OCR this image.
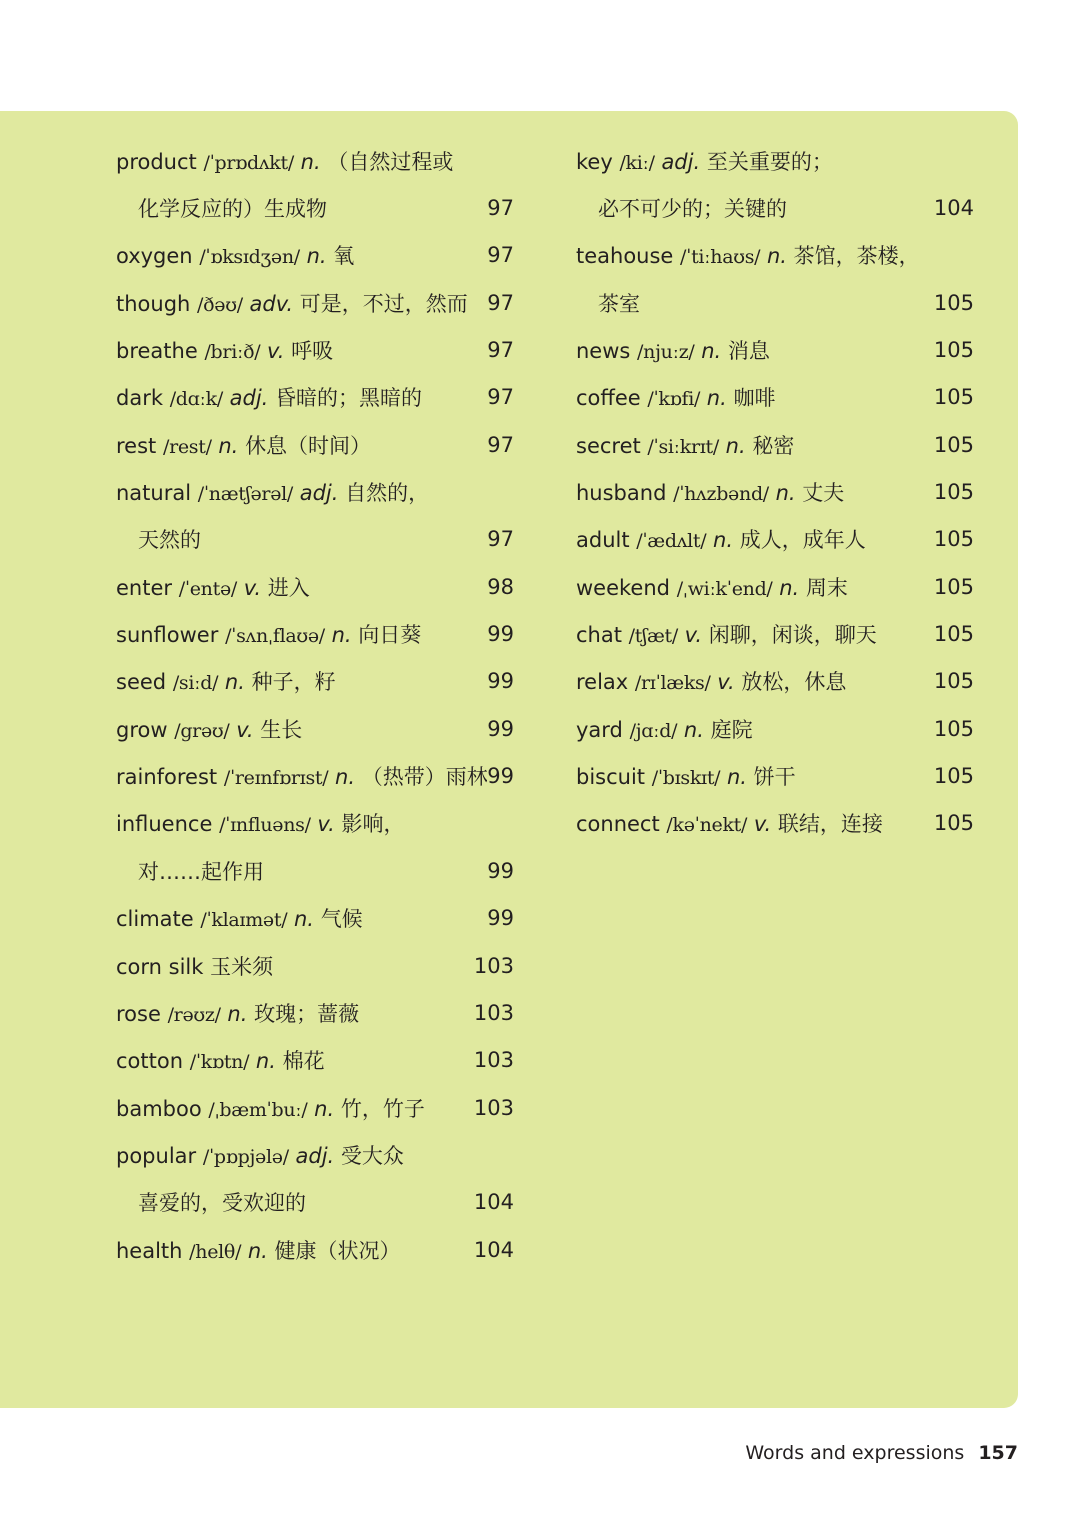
product /ˈprɒdʌkt/ n. （自然过程或
化学反应的）生成物	97
oxygen /ˈɒksɪdʒən/ n. 氧	97
though /ðəʊ/ adv. 可是，不过，然而 97
breathe /briːð/ v. 呼吸	97
dark /dɑːk/ adj. 昏暗的；黑暗的	97
rest /rest/ n. 休息（时间）	97
natural /ˈnætʃərəl/ adj. 自然的，
天然的	97
enter /ˈentə/ v. 进入	98
sunflower /ˈsʌnˌflaʊə/ n. 向日葵	99
seed /siːd/ n. 种子，籽	99
grow /grəʊ/ v. 生长	99
rainforest /ˈreɪnfɒrɪst/ n. （热带）雨林 99
influence /ˈɪnfluəns/ v. 影响，
对……起作用	99
climate /ˈklaɪmət/ n. 气候	99
corn silk 玉米须	103
rose /rəʊz/ n. 玫瑰；蔷薇	103
cotton /ˈkɒtn/ n. 棉花	103
bamboo /ˌbæmˈbuː/ n. 竹，竹子 103
popular /ˈpɒpjələ/ adj. 受大众
喜爱的，受欢迎的	104
health /helθ/ n. 健康（状况）	104
key /kiː/ adj. 至关重要的；
必不可少的；关键的	104
teahouse /ˈtiːhaʊs/ n. 茶馆，茶楼，
茶室	105
news /njuːz/ n. 消息	105
coffee /ˈkɒfi/ n. 咖啡	105
secret /ˈsiːkrɪt/ n. 秘密	105
husband /ˈhʌzbənd/ n. 丈夫	105
adult /ˈædʌlt/ n. 成人，成年人	105
weekend /ˌwiːkˈend/ n. 周末	105
chat /tʃæt/ v. 闲聊，闲谈，聊天	105
relax /rɪˈlæks/ v. 放松，休息	105
yard /jɑːd/ n. 庭院	105
biscuit /ˈbɪskɪt/ n. 饼干	105
connect /kəˈnekt/ v. 联结，连接 105
Words and expressions 157
